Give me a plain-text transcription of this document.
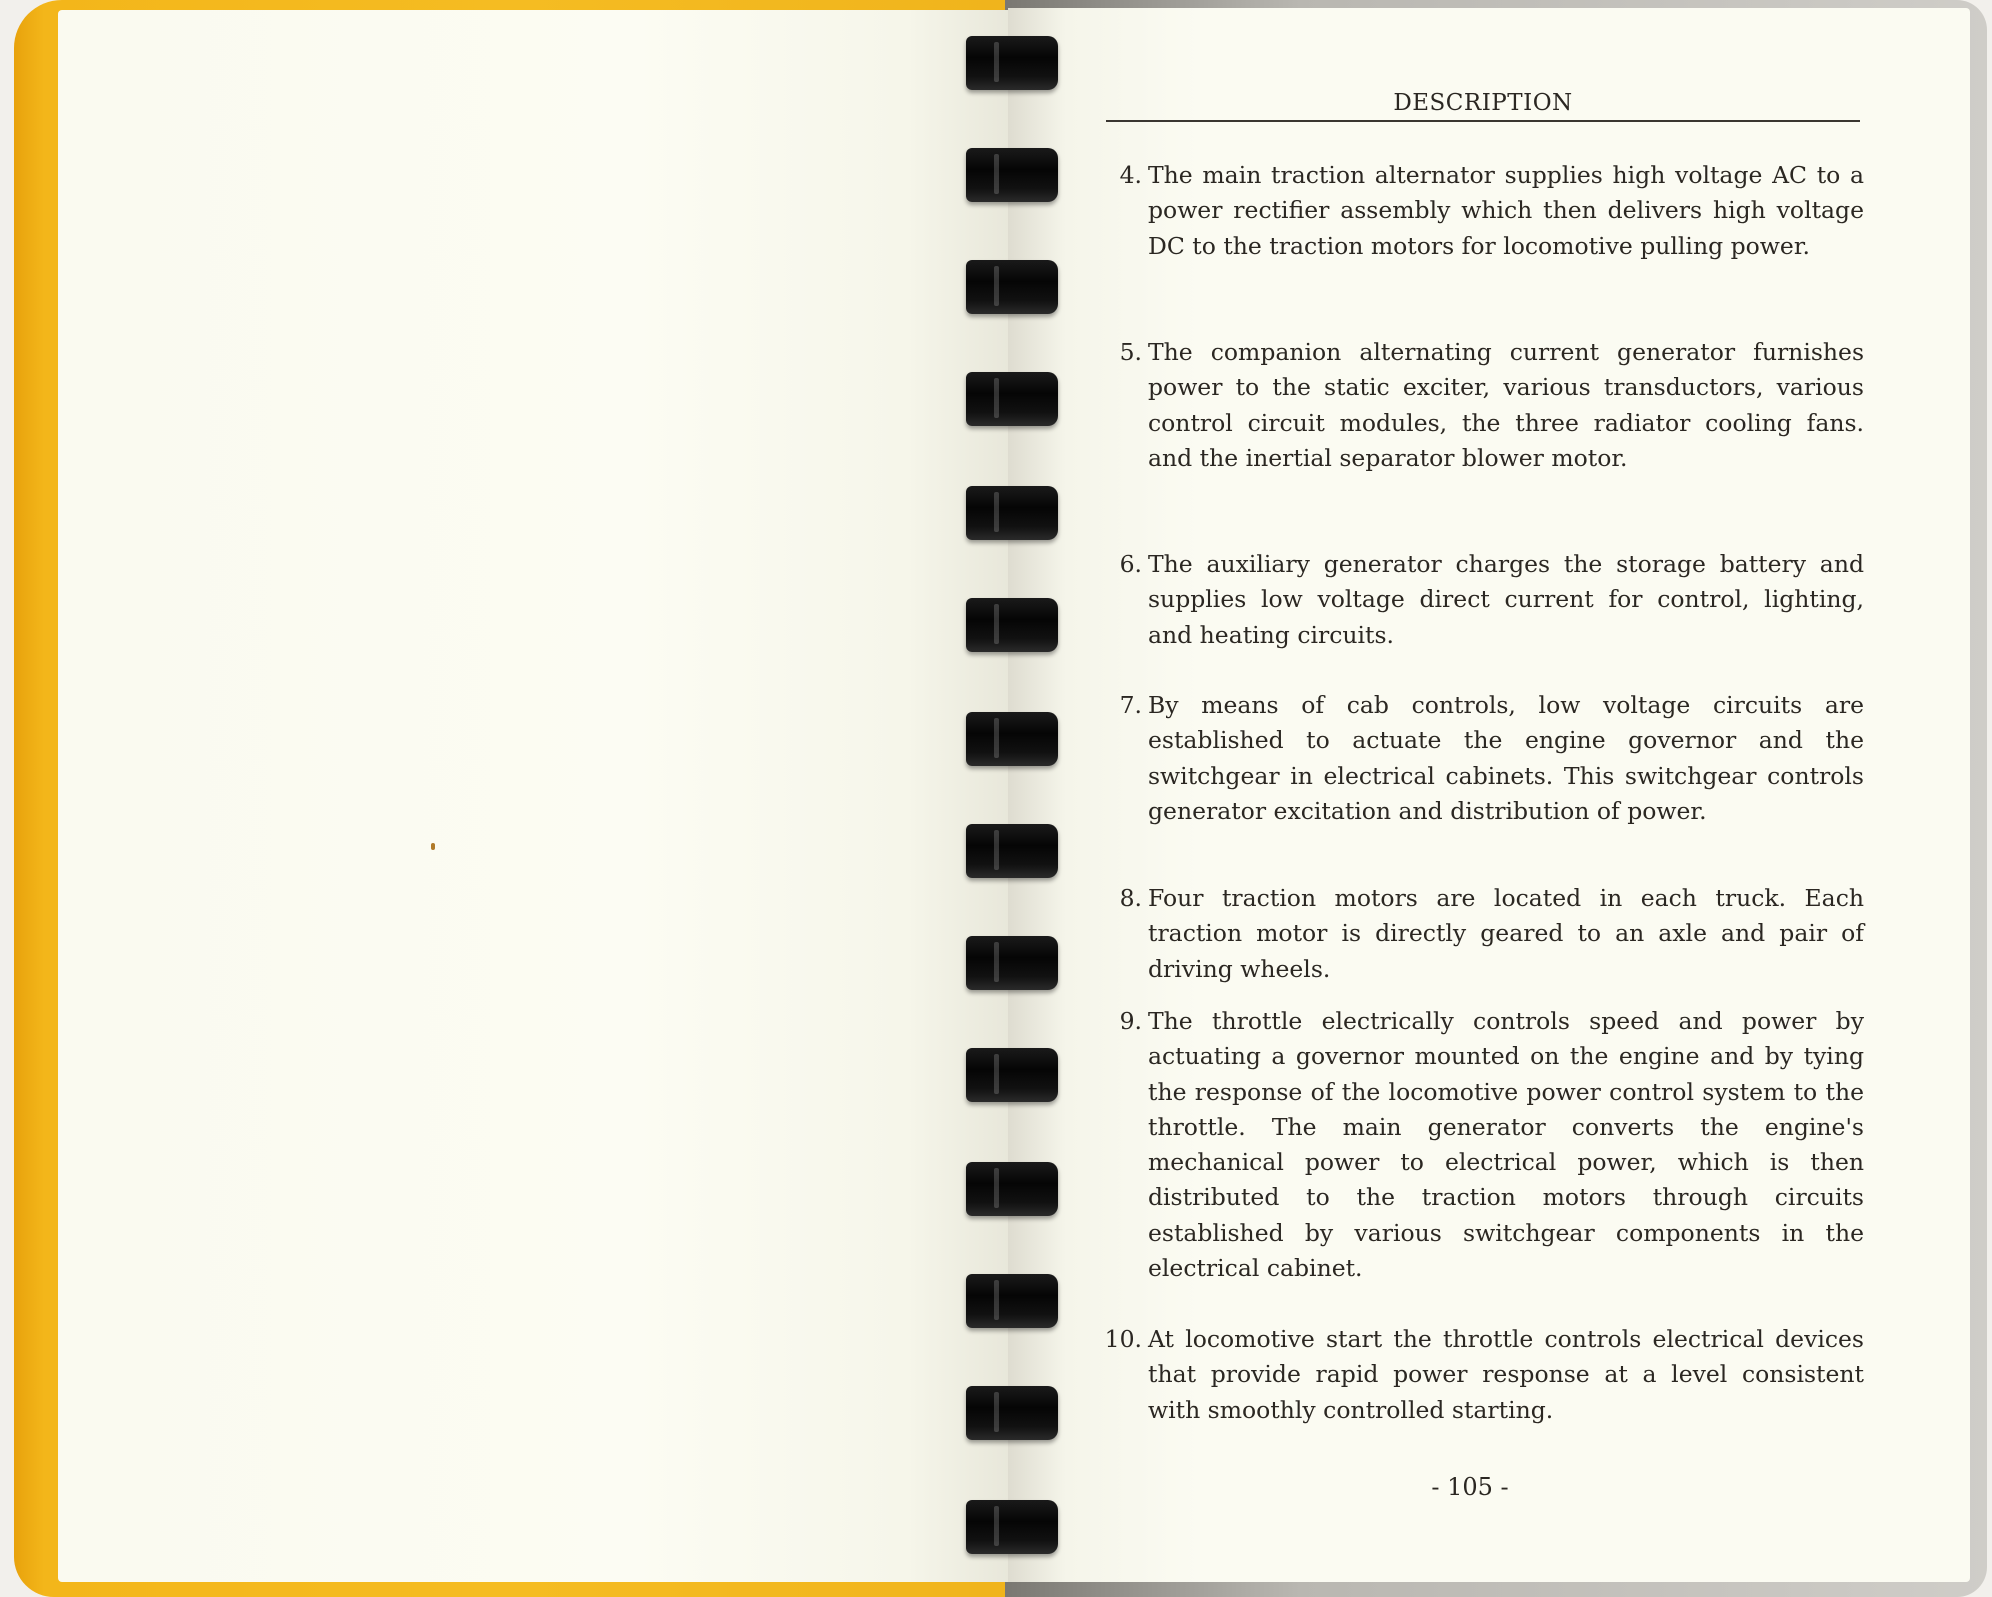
DESCRIPTION
4. The main traction alternator supplies high voltage AC to a power rectifier assembly which then delivers high voltage DC to the traction motors for locomotive pulling power.
5. The companion alternating current generator furnishes power to the static exciter, various transductors, various control circuit modules, the three radiator cooling fans. and the inertial separator blower motor.
6. The auxiliary generator charges the storage battery and supplies low voltage direct current for control, lighting, and heating circuits.
7. By means of cab controls, low voltage circuits are established to actuate the engine governor and the switchgear in electrical cabinets. This switchgear controls generator excitation and distribution of power.
8. Four traction motors are located in each truck. Each traction motor is directly geared to an axle and pair of driving wheels.
9. The throttle electrically controls speed and power by actuating a governor mounted on the engine and by tying the response of the locomotive power control system to the throttle. The main generator converts the engine's mechanical power to electrical power, which is then distributed to the traction motors through circuits established by various switchgear components in the electrical cabinet.
10. At locomotive start the throttle controls electrical devices that provide rapid power response at a level consistent with smoothly controlled starting.
- 105 -
